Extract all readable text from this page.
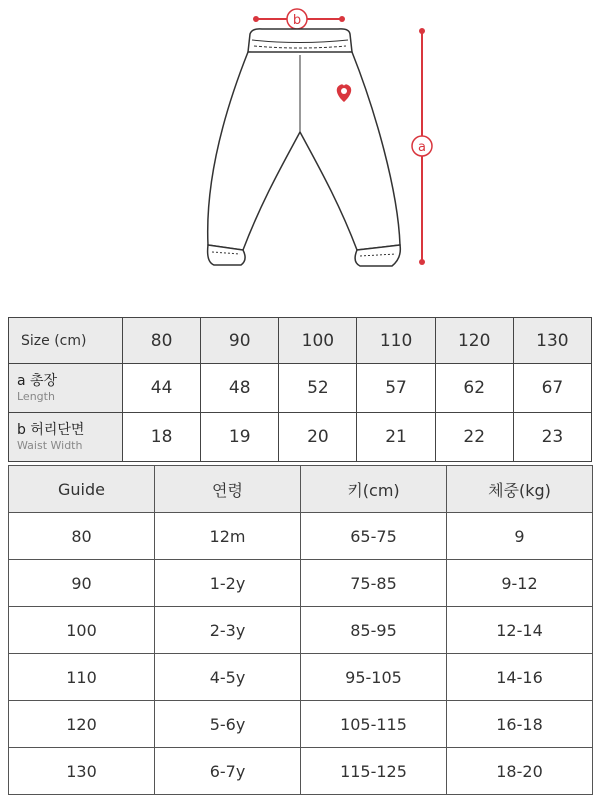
b
a
Size (cm)	80	90	100	110	120	130

a 총장
Length	44	48	52	57	62	67

b 허리단면
Waist Width	18	19	20	21	22	23
Guide	연령	키(cm)	체중(kg)
80	12m	65-75	9
90	1-2y	75-85	9-12
100	2-3y	85-95	12-14
110	4-5y	95-105	14-16
120	5-6y	105-115	16-18
130	6-7y	115-125	18-20
